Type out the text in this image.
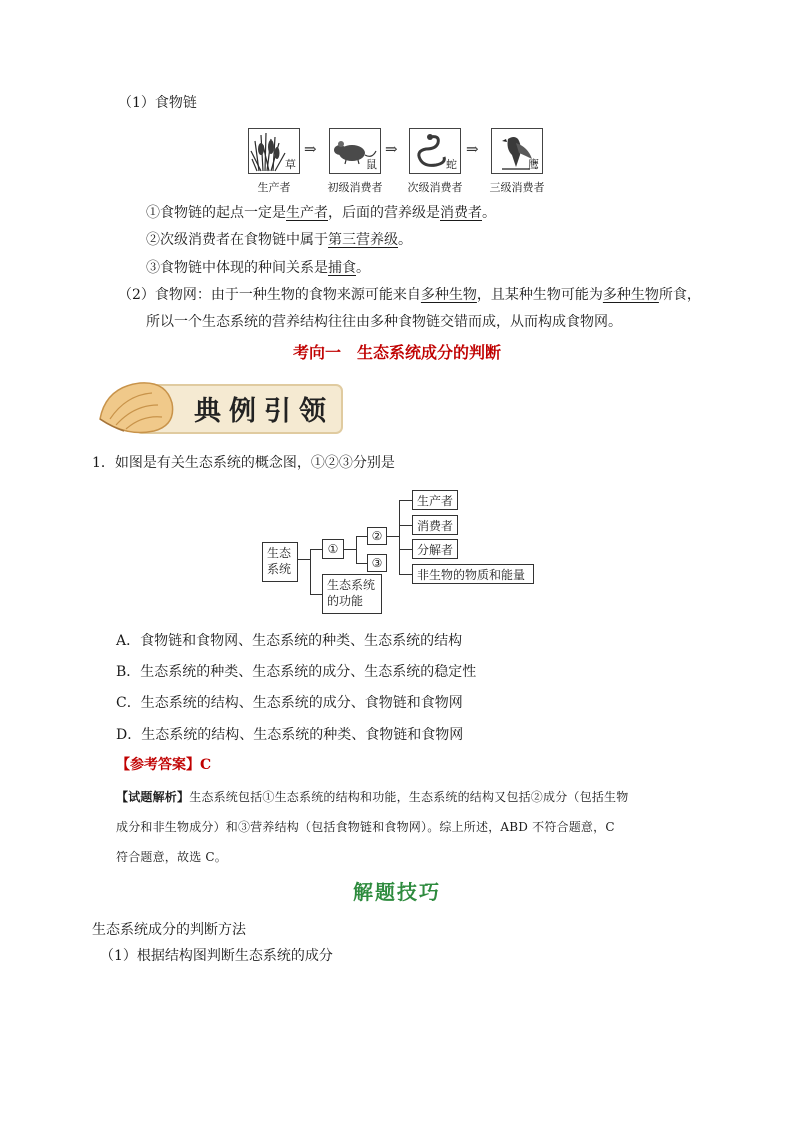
（1）食物链
草
⇒
鼠
⇒
蛇
⇒
鹰
生产者	初级消费者	次级消费者	三级消费者
①食物链的起点一定是生产者，后面的营养级是消费者。
②次级消费者在食物链中属于第三营养级。
③食物链中体现的种间关系是捕食。
（2）食物网：由于一种生物的食物来源可能来自多种生物，且某种生物可能为多种生物所食，
所以一个生态系统的营养结构往往由多种食物链交错而成，从而构成食物网。
考向一　生态系统成分的判断
典例引领
1．如图是有关生态系统的概念图，①②③分别是
生态系统
①
②
③
生态系统的功能
生产者
消费者
分解者
非生物的物质和能量
A．食物链和食物网、生态系统的种类、生态系统的结构
B．生态系统的种类、生态系统的成分、生态系统的稳定性
C．生态系统的结构、生态系统的成分、食物链和食物网
D．生态系统的结构、生态系统的种类、食物链和食物网
【参考答案】C
【试题解析】生态系统包括①生态系统的结构和功能，生态系统的结构又包括②成分（包括生物
成分和非生物成分）和③营养结构（包括食物链和食物网）。综上所述，ABD 不符合题意，C
符合题意，故选 C。
解题技巧
生态系统成分的判断方法
（1）根据结构图判断生态系统的成分
